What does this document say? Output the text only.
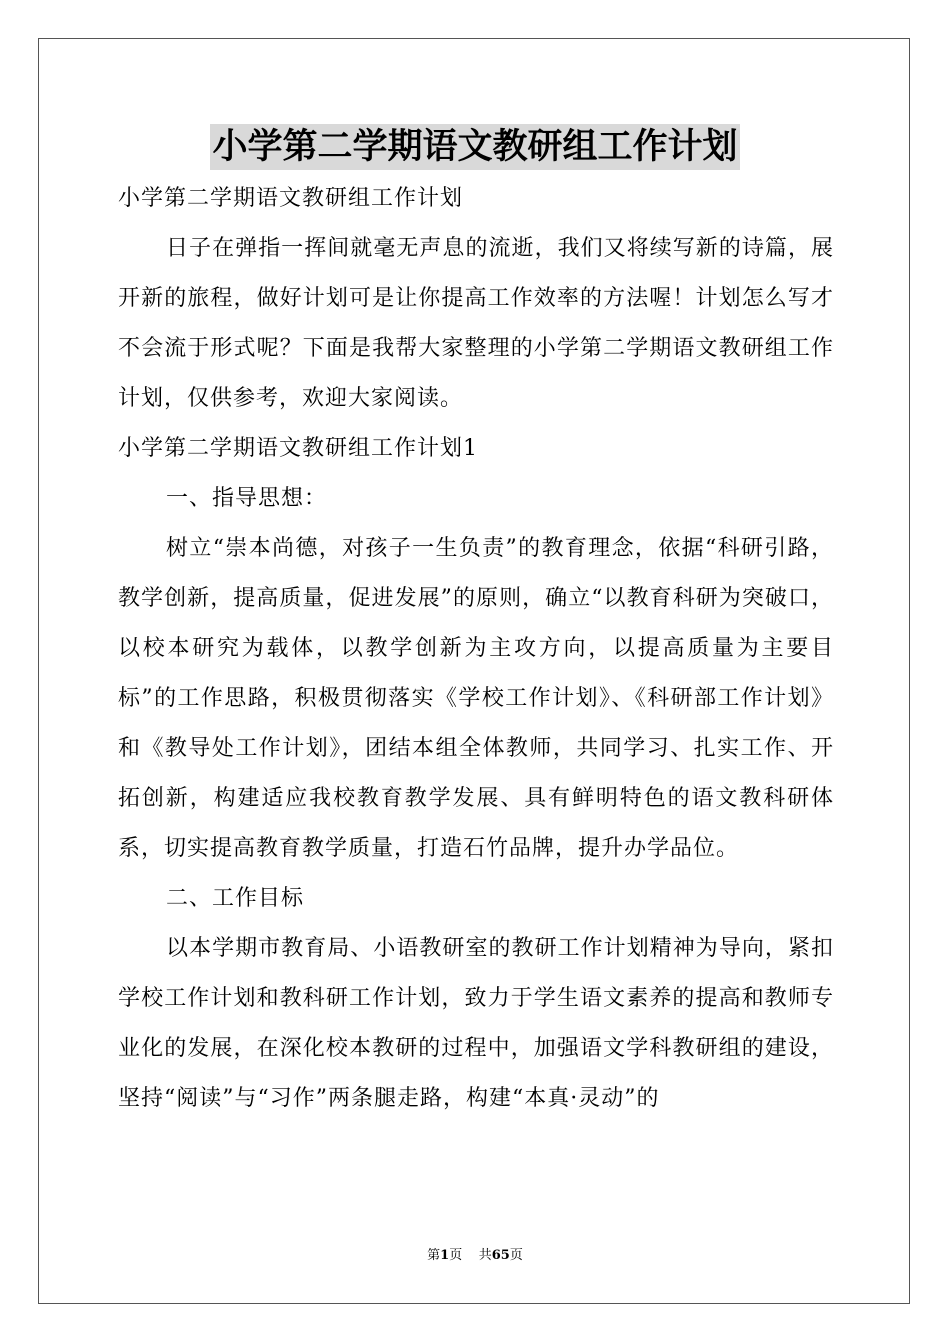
小学第二学期语文教研组工作计划

小学第二学期语文教研组工作计划

日子在弹指一挥间就毫无声息的流逝，我们又将续写新的诗篇，展开新的旅程，做好计划可是让你提高工作效率的方法喔！计划怎么写才不会流于形式呢？下面是我帮大家整理的小学第二学期语文教研组工作计划，仅供参考，欢迎大家阅读。

小学第二学期语文教研组工作计划1

一、指导思想：

树立“崇本尚德，对孩子一生负责”的教育理念，依据“科研引路，教学创新，提高质量，促进发展”的原则，确立“以教育科研为突破口，以校本研究为载体，以教学创新为主攻方向，以提高质量为主要目标”的工作思路，积极贯彻落实《学校工作计划》、《科研部工作计划》和《教导处工作计划》，团结本组全体教师，共同学习、扎实工作、开拓创新，构建适应我校教育教学发展、具有鲜明特色的语文教科研体系，切实提高教育教学质量，打造石竹品牌，提升办学品位。

二、工作目标

以本学期市教育局、小语教研室的教研工作计划精神为导向，紧扣学校工作计划和教科研工作计划，致力于学生语文素养的提高和教师专业化的发展，在深化校本教研的过程中，加强语文学科教研组的建设，坚持“阅读”与“习作”两条腿走路，构建“本真·灵动”的

第1页 共65页
